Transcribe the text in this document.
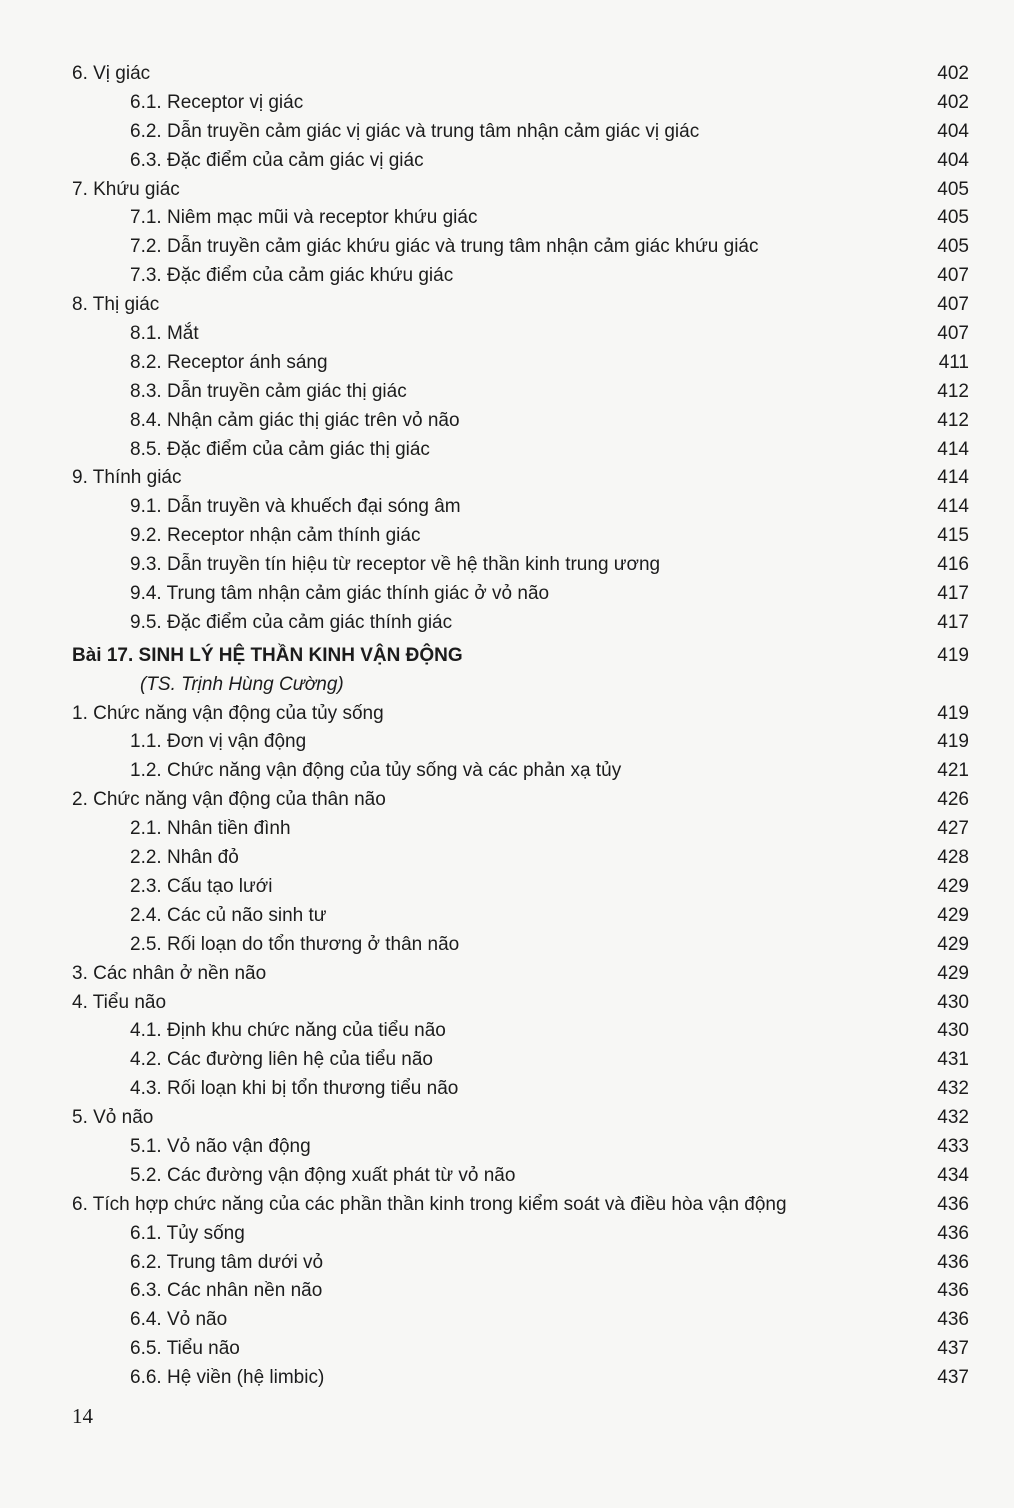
6. Vị giác	402
6.1. Receptor vị giác	402
6.2. Dẫn truyền cảm giác vị giác và trung tâm nhận cảm giác vị giác	404
6.3. Đặc điểm của cảm giác vị giác	404
7. Khứu giác	405
7.1. Niêm mạc mũi và receptor khứu giác	405
7.2. Dẫn truyền cảm giác khứu giác và trung tâm nhận cảm giác khứu giác	405
7.3. Đặc điểm của cảm giác khứu giác	407
8. Thị giác	407
8.1. Mắt	407
8.2. Receptor ánh sáng	411
8.3. Dẫn truyền cảm giác thị giác	412
8.4. Nhận cảm giác thị giác trên vỏ não	412
8.5. Đặc điểm của cảm giác thị giác	414
9. Thính giác	414
9.1. Dẫn truyền và khuếch đại sóng âm	414
9.2. Receptor nhận cảm thính giác	415
9.3. Dẫn truyền tín hiệu từ receptor về hệ thần kinh trung ương	416
9.4. Trung tâm nhận cảm giác thính giác ở vỏ não	417
9.5. Đặc điểm của cảm giác thính giác	417
Bài 17. SINH LÝ HỆ THẦN KINH VẬN ĐỘNG	419
(TS. Trịnh Hùng Cường)
1. Chức năng vận động của tủy sống	419
1.1. Đơn vị vận động	419
1.2. Chức năng vận động của tủy sống và các phản xạ tủy	421
2. Chức năng vận động của thân não	426
2.1. Nhân tiền đình	427
2.2. Nhân đỏ	428
2.3. Cấu tạo lưới	429
2.4. Các củ não sinh tư	429
2.5. Rối loạn do tổn thương ở thân não	429
3. Các nhân ở nền não	429
4. Tiểu não	430
4.1. Định khu chức năng của tiểu não	430
4.2. Các đường liên hệ của tiểu não	431
4.3. Rối loạn khi bị tổn thương tiểu não	432
5. Vỏ não	432
5.1. Vỏ não vận động	433
5.2. Các đường vận động xuất phát từ vỏ não	434
6. Tích hợp chức năng của các phần thần kinh trong kiểm soát và điều hòa vận động	436
6.1. Tủy sống	436
6.2. Trung tâm dưới vỏ	436
6.3. Các nhân nền não	436
6.4. Vỏ não	436
6.5. Tiểu não	437
6.6. Hệ viền (hệ limbic)	437
14
